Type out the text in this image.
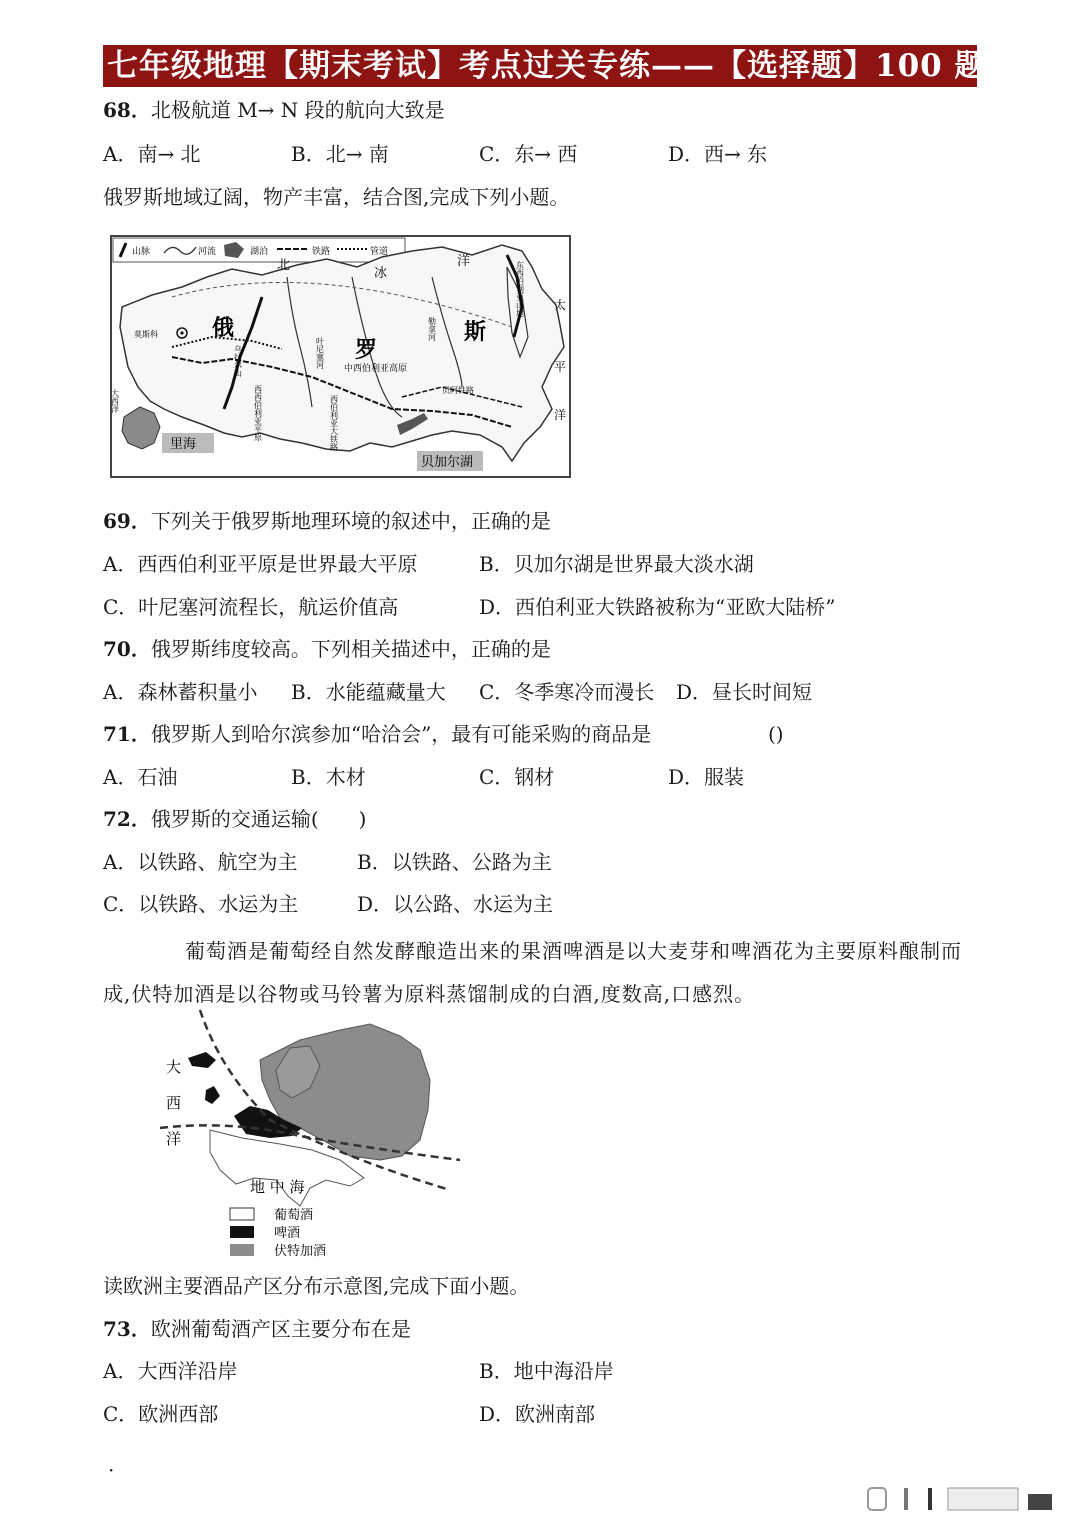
七年级地理【期末考试】考点过关专练——【选择题】100 题
68．北极航道 M→ N 段的航向大致是
A．南→ 北	B．北→ 南	C．东→ 西	D．西→ 东
俄罗斯地域辽阔，物产丰富，结合图,完成下列小题。
山脉	河流	湖泊	铁路	管道
北
冰
洋
俄
罗
斯
中西伯利亚高原
莫斯科
里海
贝加尔湖
太
平
洋
大西洋
乌拉尔山	叶尼塞河
勒拿河
西西伯利亚平原
东西伯利亚山地
西伯利亚大铁路
贝阿铁路
69．下列关于俄罗斯地理环境的叙述中，正确的是
A．西西伯利亚平原是世界最大平原	B．贝加尔湖是世界最大淡水湖
C．叶尼塞河流程长，航运价值高	D．西伯利亚大铁路被称为“亚欧大陆桥”
70．俄罗斯纬度较高。下列相关描述中，正确的是
A．森林蓄积量小 B．水能蕴藏量大 C．冬季寒冷而漫长 D．昼长时间短
71．俄罗斯人到哈尔滨参加“哈洽会”，最有可能采购的商品是	()
A．石油	B．木材	C．钢材	D．服装
72．俄罗斯的交通运输(　　)
A．以铁路、航空为主	B．以铁路、公路为主
C．以铁路、水运为主	D．以公路、水运为主
葡萄酒是葡萄经自然发酵酿造出来的果酒啤酒是以大麦芽和啤酒花为主要原料酿制而成,伏特加酒是以谷物或马铃薯为原料蒸馏制成的白酒,度数高,口感烈。
大
西
洋
地 中 海
葡萄酒
啤酒
伏特加酒
读欧洲主要酒品产区分布示意图,完成下面小题。
73．欧洲葡萄酒产区主要分布在是
A．大西洋沿岸	B．地中海沿岸
C．欧洲西部	D．欧洲南部
·
